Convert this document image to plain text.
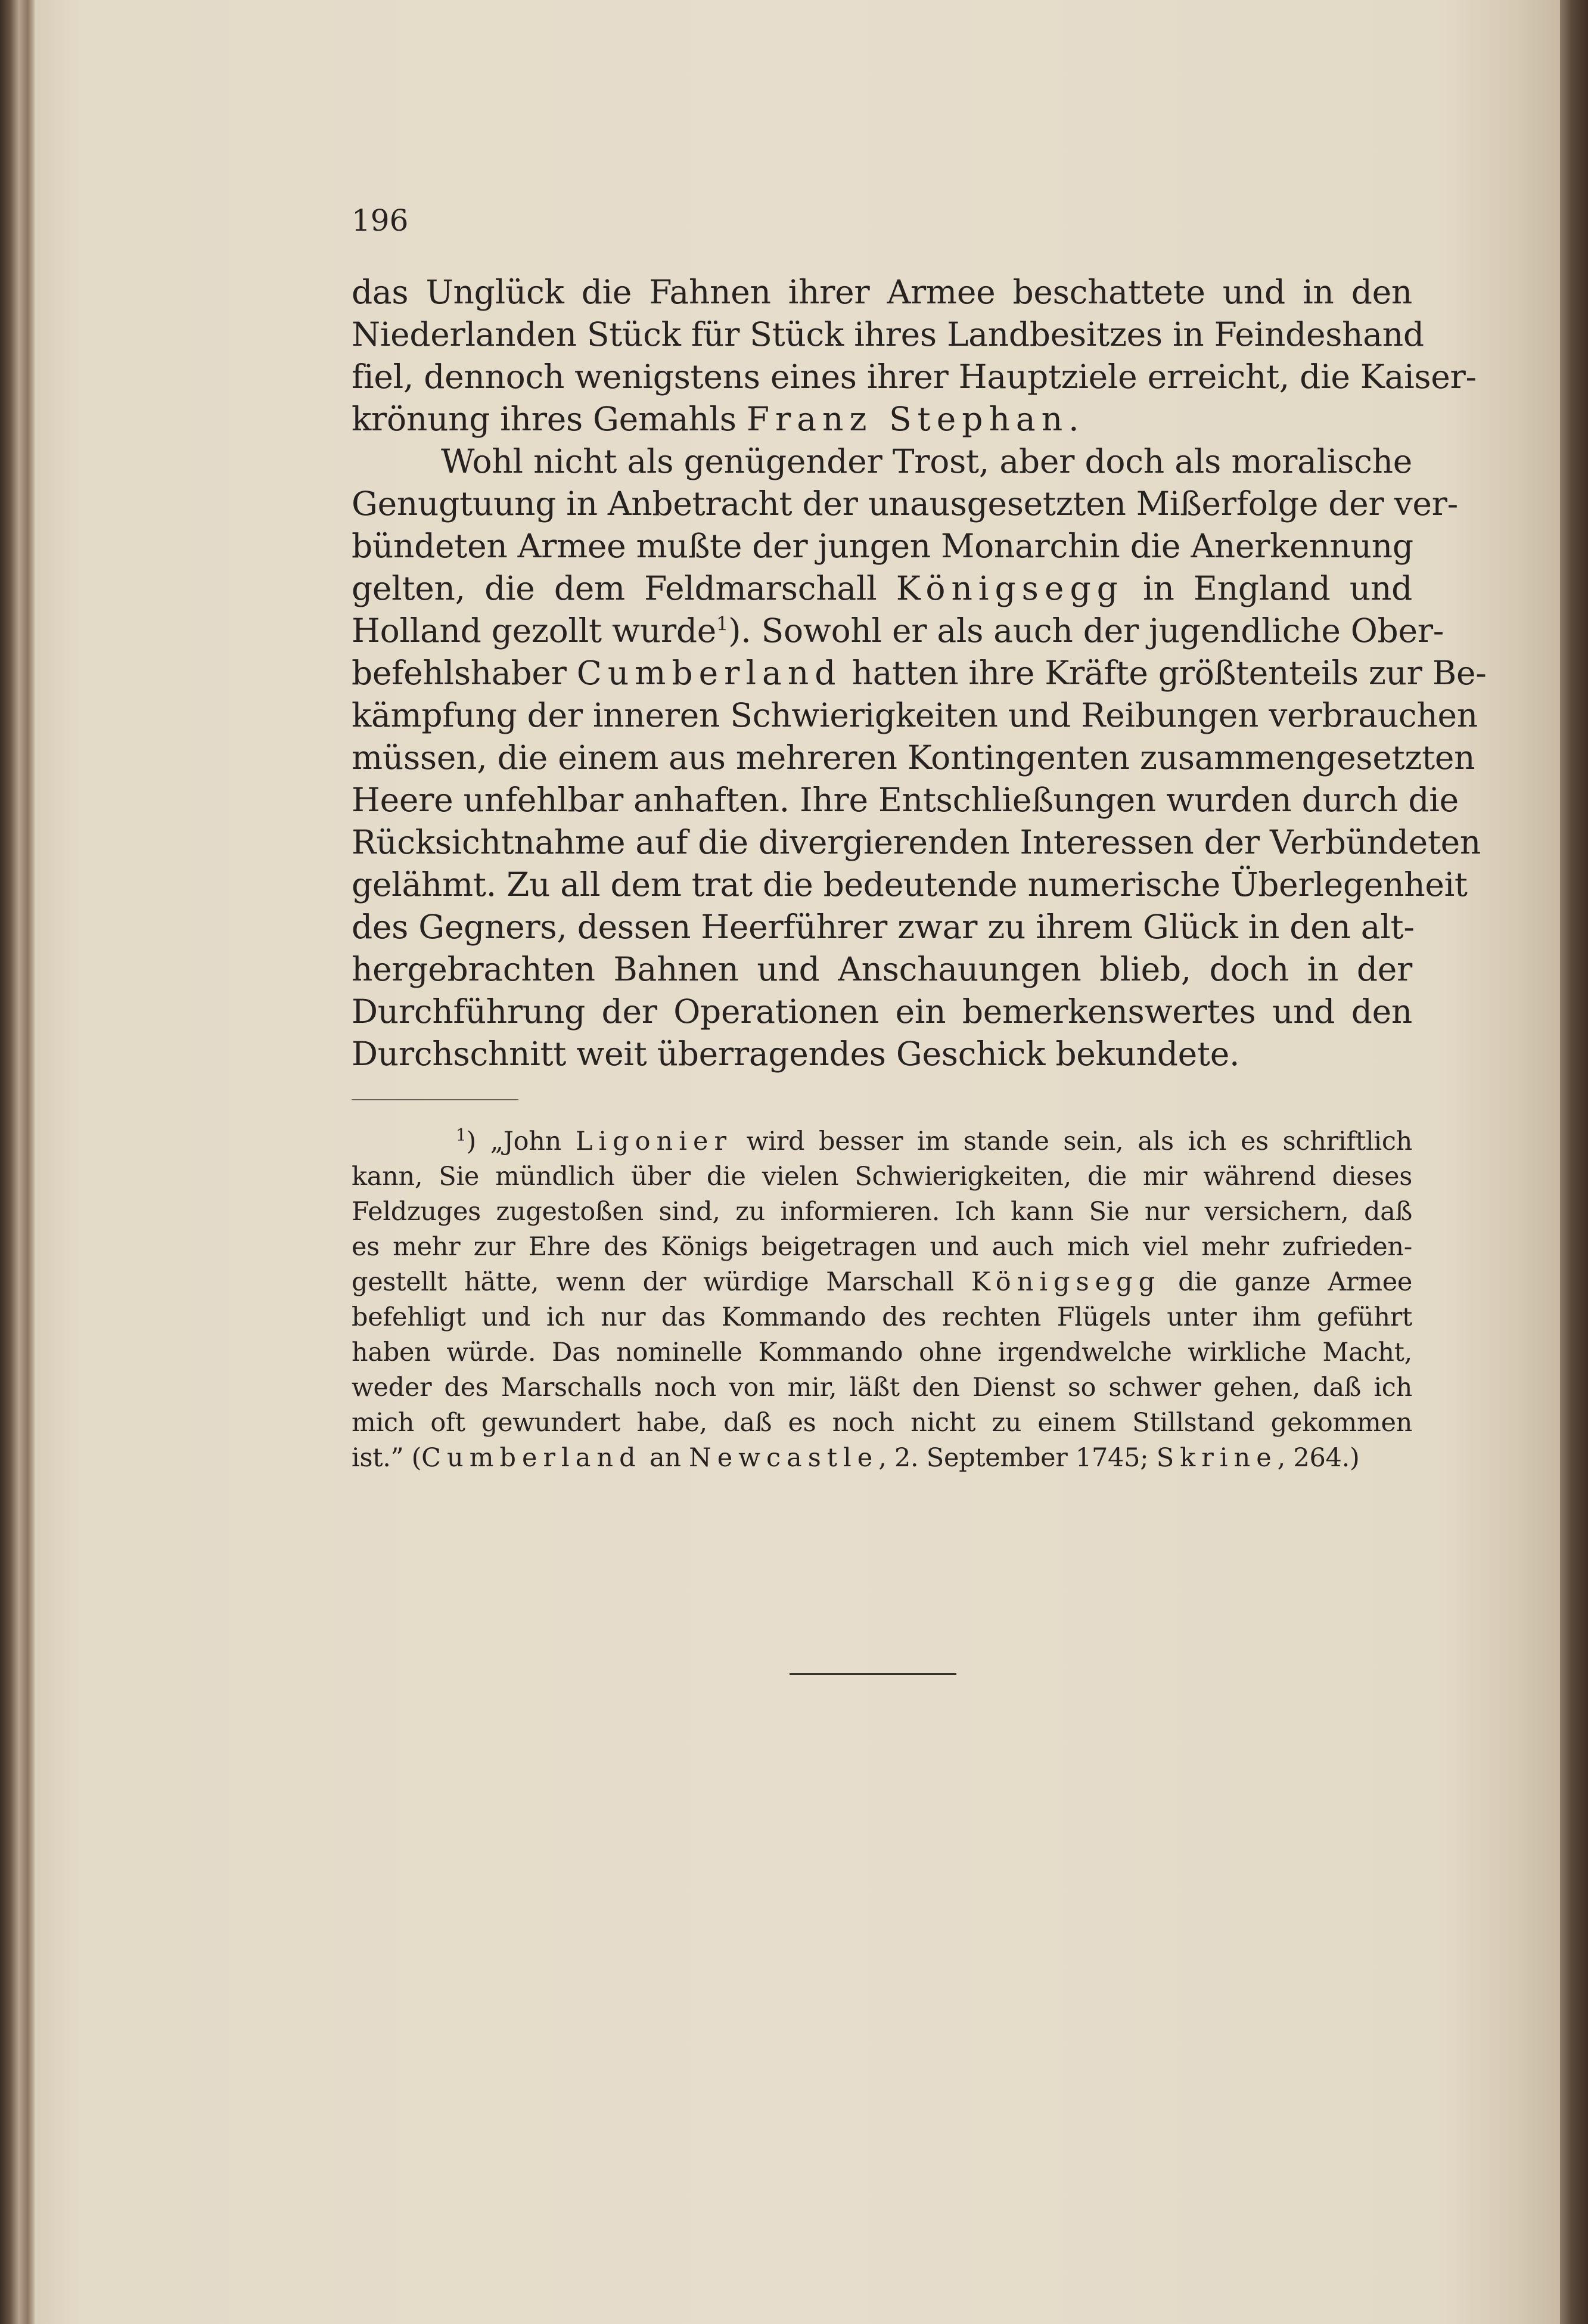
196
das Unglück die Fahnen ihrer Armee beschattete und in den
Niederlanden Stück für Stück ihres Landbesitzes in Feindeshand
fiel, dennoch wenigstens eines ihrer Hauptziele erreicht, die Kaiser-
krönung ihres Gemahls Franz Stephan.
Wohl nicht als genügender Trost, aber doch als moralische
Genugtuung in Anbetracht der unausgesetzten Mißerfolge der ver-
bündeten Armee mußte der jungen Monarchin die Anerkennung
gelten, die dem Feldmarschall Königsegg in England und
Holland gezollt wurde$^1$). Sowohl er als auch der jugendliche Ober-
befehlshaber Cumberland hatten ihre Kräfte größtenteils zur Be-
kämpfung der inneren Schwierigkeiten und Reibungen verbrauchen
müssen, die einem aus mehreren Kontingenten zusammengesetzten
Heere unfehlbar anhaften. Ihre Entschließungen wurden durch die
Rücksichtnahme auf die divergierenden Interessen der Verbündeten
gelähmt. Zu all dem trat die bedeutende numerische Überlegenheit
des Gegners, dessen Heerführer zwar zu ihrem Glück in den alt-
hergebrachten Bahnen und Anschauungen blieb, doch in der
Durchführung der Operationen ein bemerkenswertes und den
Durchschnitt weit überragendes Geschick bekundete.
$^1$) „John Ligonier wird besser im stande sein, als ich es schriftlich
kann, Sie mündlich über die vielen Schwierigkeiten, die mir während dieses
Feldzuges zugestoßen sind, zu informieren. Ich kann Sie nur versichern, daß
es mehr zur Ehre des Königs beigetragen und auch mich viel mehr zufrieden-
gestellt hätte, wenn der würdige Marschall Königsegg die ganze Armee
befehligt und ich nur das Kommando des rechten Flügels unter ihm geführt
haben würde. Das nominelle Kommando ohne irgendwelche wirkliche Macht,
weder des Marschalls noch von mir, läßt den Dienst so schwer gehen, daß ich
mich oft gewundert habe, daß es noch nicht zu einem Stillstand gekommen
ist.” (Cumberland an Newcastle, 2. September 1745; Skrine, 264.)
